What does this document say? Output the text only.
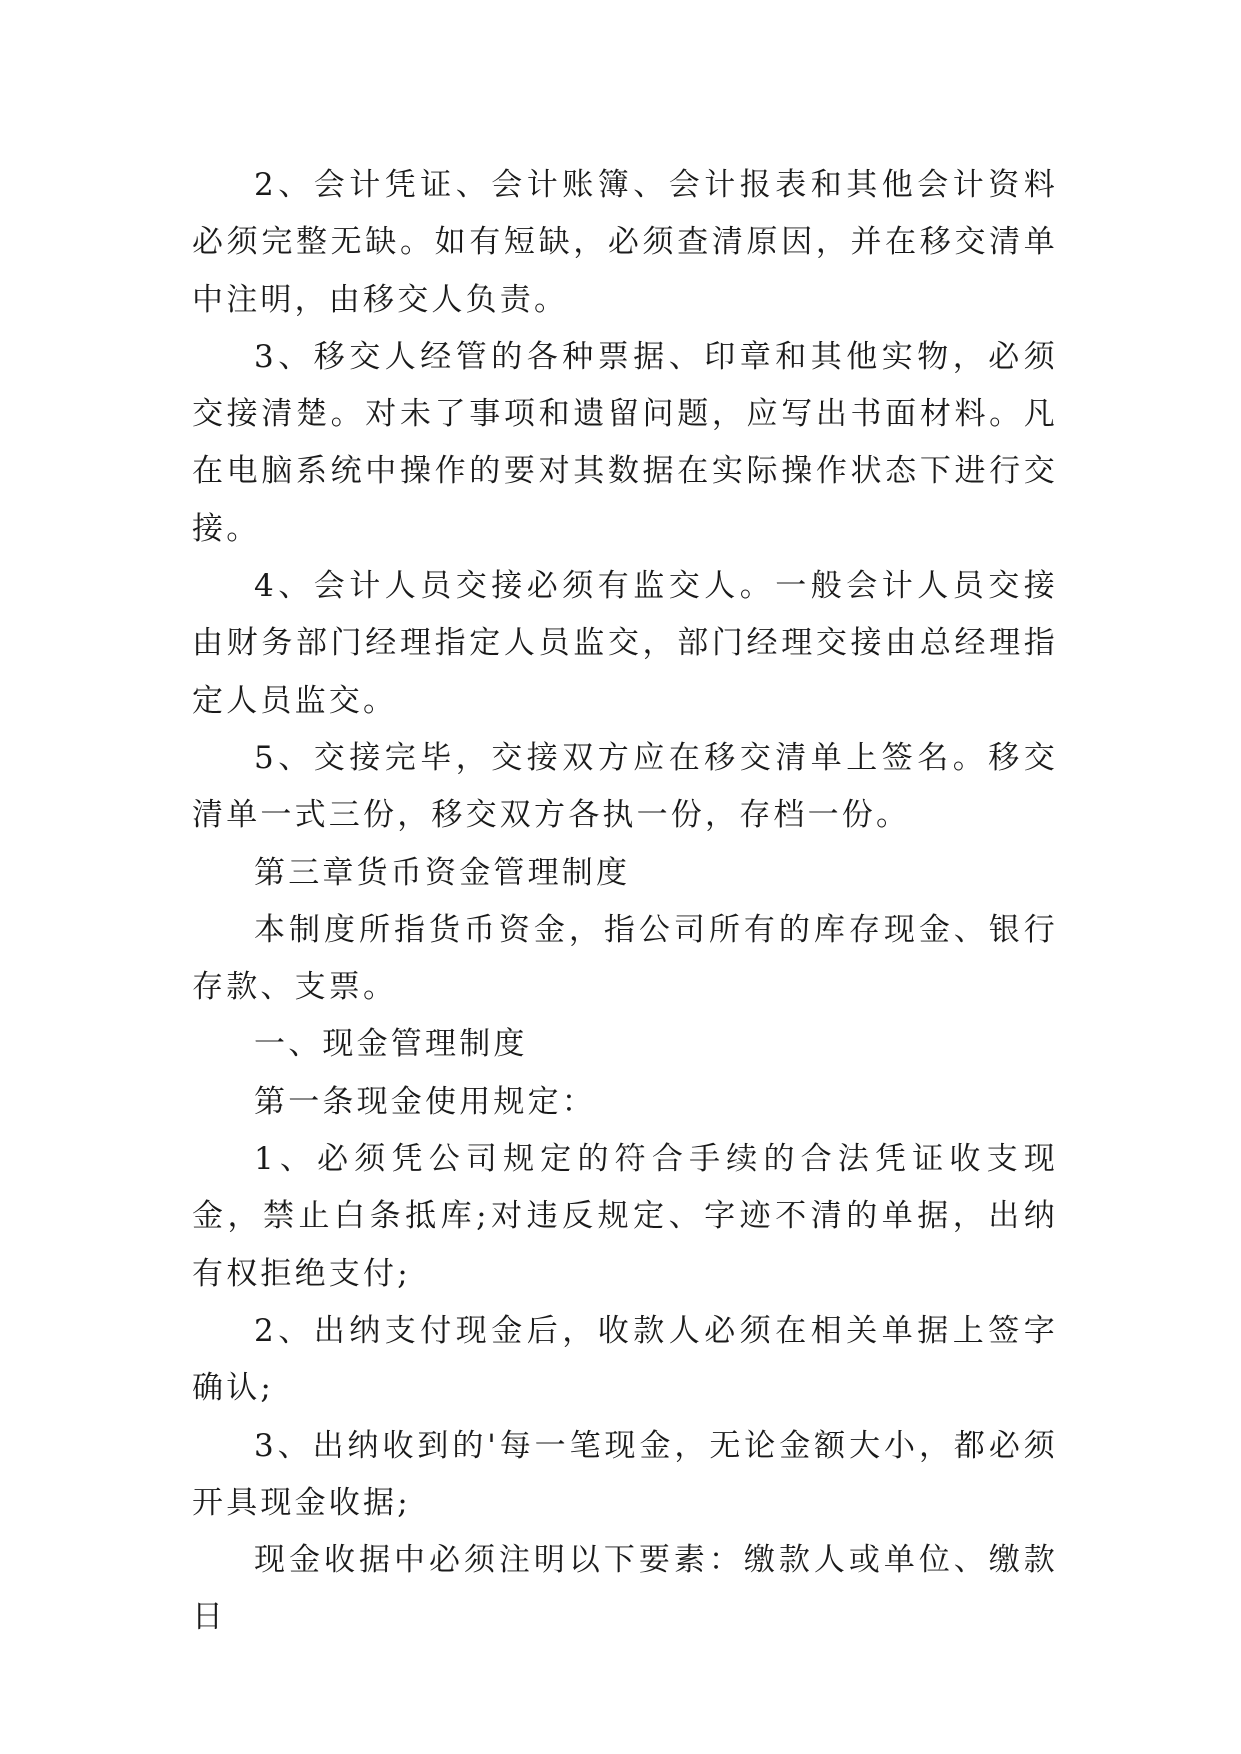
2、会计凭证、会计账簿、会计报表和其他会计资料必须完整无缺。如有短缺，必须查清原因，并在移交清单中注明，由移交人负责。

3、移交人经管的各种票据、印章和其他实物，必须交接清楚。对未了事项和遗留问题，应写出书面材料。凡在电脑系统中操作的要对其数据在实际操作状态下进行交接。

4、会计人员交接必须有监交人。一般会计人员交接由财务部门经理指定人员监交，部门经理交接由总经理指定人员监交。

5、交接完毕，交接双方应在移交清单上签名。移交清单一式三份，移交双方各执一份，存档一份。

第三章货币资金管理制度

本制度所指货币资金，指公司所有的库存现金、银行存款、支票。

一、现金管理制度

第一条现金使用规定：

1、必须凭公司规定的符合手续的合法凭证收支现金，禁止白条抵库;对违反规定、字迹不清的单据，出纳有权拒绝支付;

2、出纳支付现金后，收款人必须在相关单据上签字确认;

3、出纳收到的'每一笔现金，无论金额大小，都必须开具现金收据;

现金收据中必须注明以下要素：缴款人或单位、缴款日
